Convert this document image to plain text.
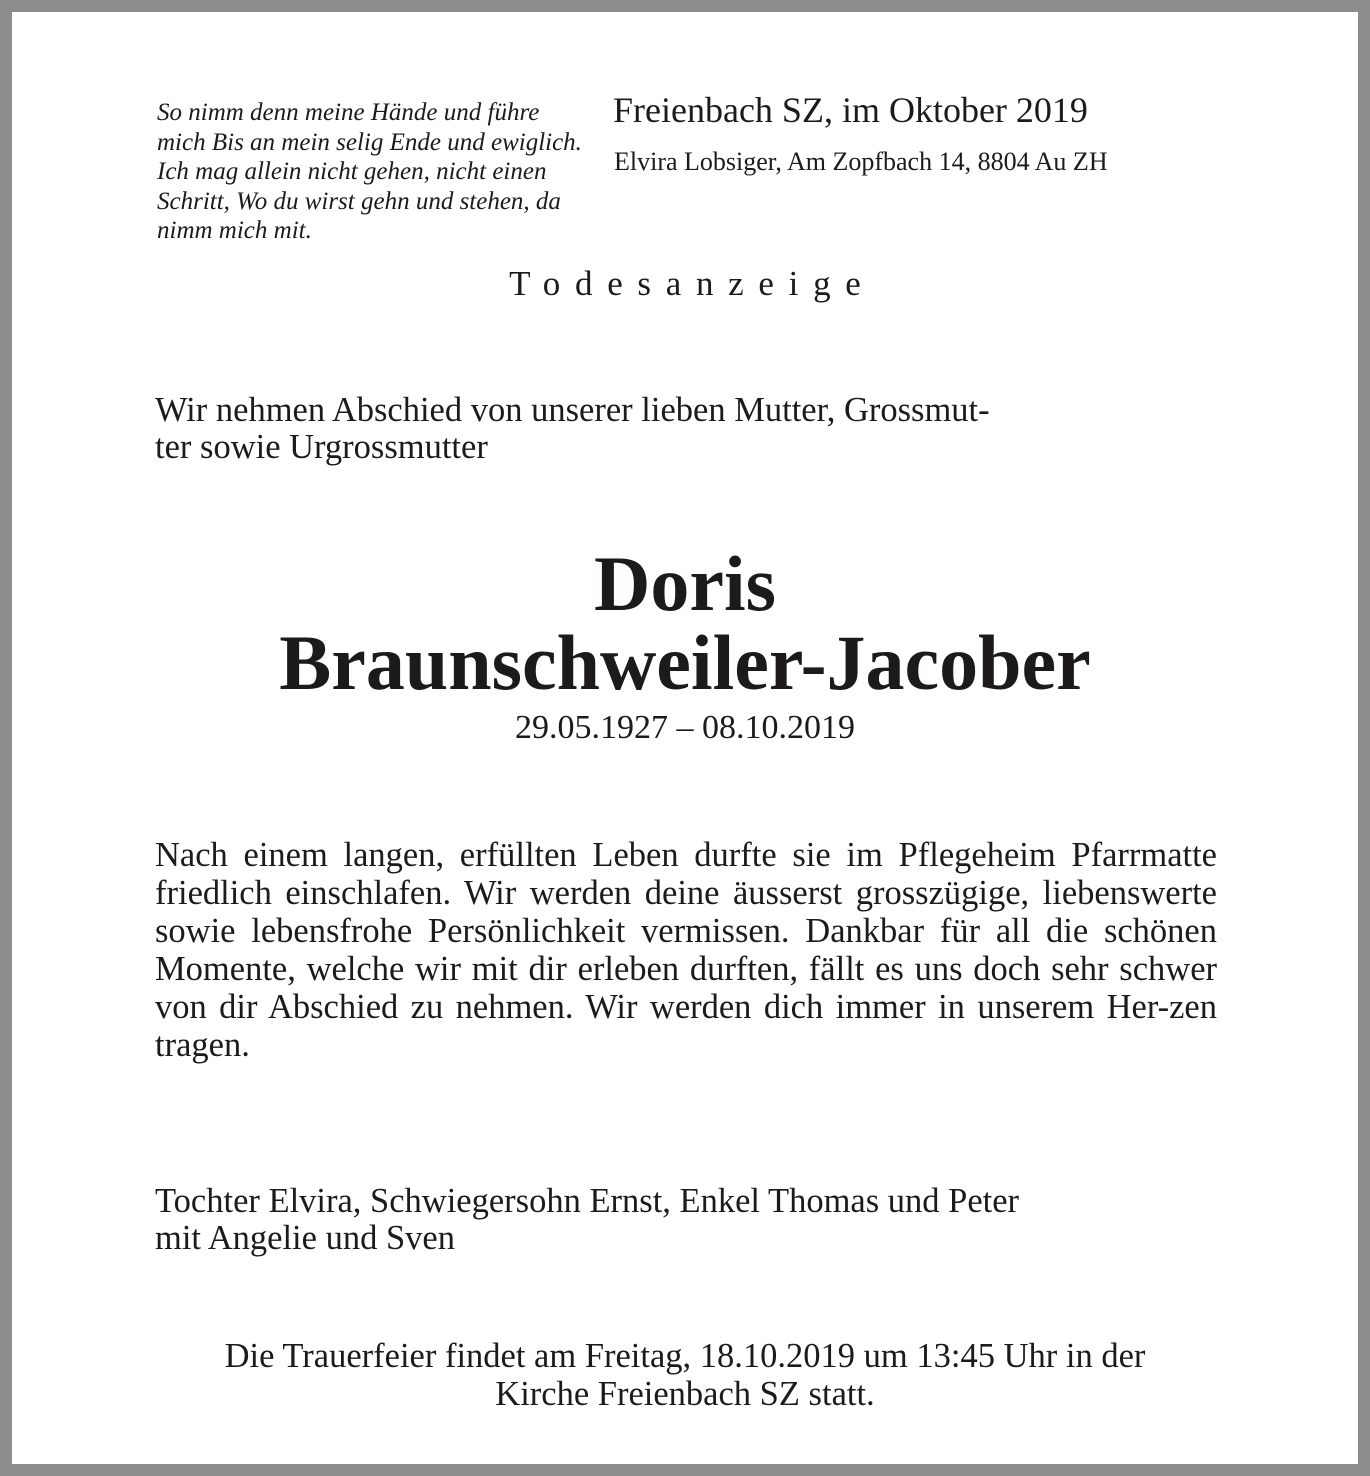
So nimm denn meine Hände und führe mich Bis an mein selig Ende und ewiglich. Ich mag allein nicht gehen, nicht einen Schritt, Wo du wirst gehn und stehen, da nimm mich mit.
Freienbach SZ, im Oktober 2019
Elvira Lobsiger, Am Zopfbach 14, 8804 Au ZH
Todesanzeige
Wir nehmen Abschied von unserer lieben Mutter, Grossmut-
ter sowie Urgrossmutter
Doris
Braunschweiler-Jacober
29.05.1927 – 08.10.2019
Nach einem langen, erfüllten Leben durfte sie im Pflegeheim Pfarrmatte friedlich einschlafen. Wir werden deine äusserst grosszügige, liebenswerte sowie lebensfrohe Persönlichkeit vermissen. Dankbar für all die schönen Momente, welche wir mit dir erleben durften, fällt es uns doch sehr schwer von dir Abschied zu nehmen. Wir werden dich immer in unserem Her-zen tragen.
Tochter Elvira, Schwiegersohn Ernst, Enkel Thomas und Peter
mit Angelie und Sven
Die Trauerfeier findet am Freitag, 18.10.2019 um 13:45 Uhr in der
Kirche Freienbach SZ statt.
